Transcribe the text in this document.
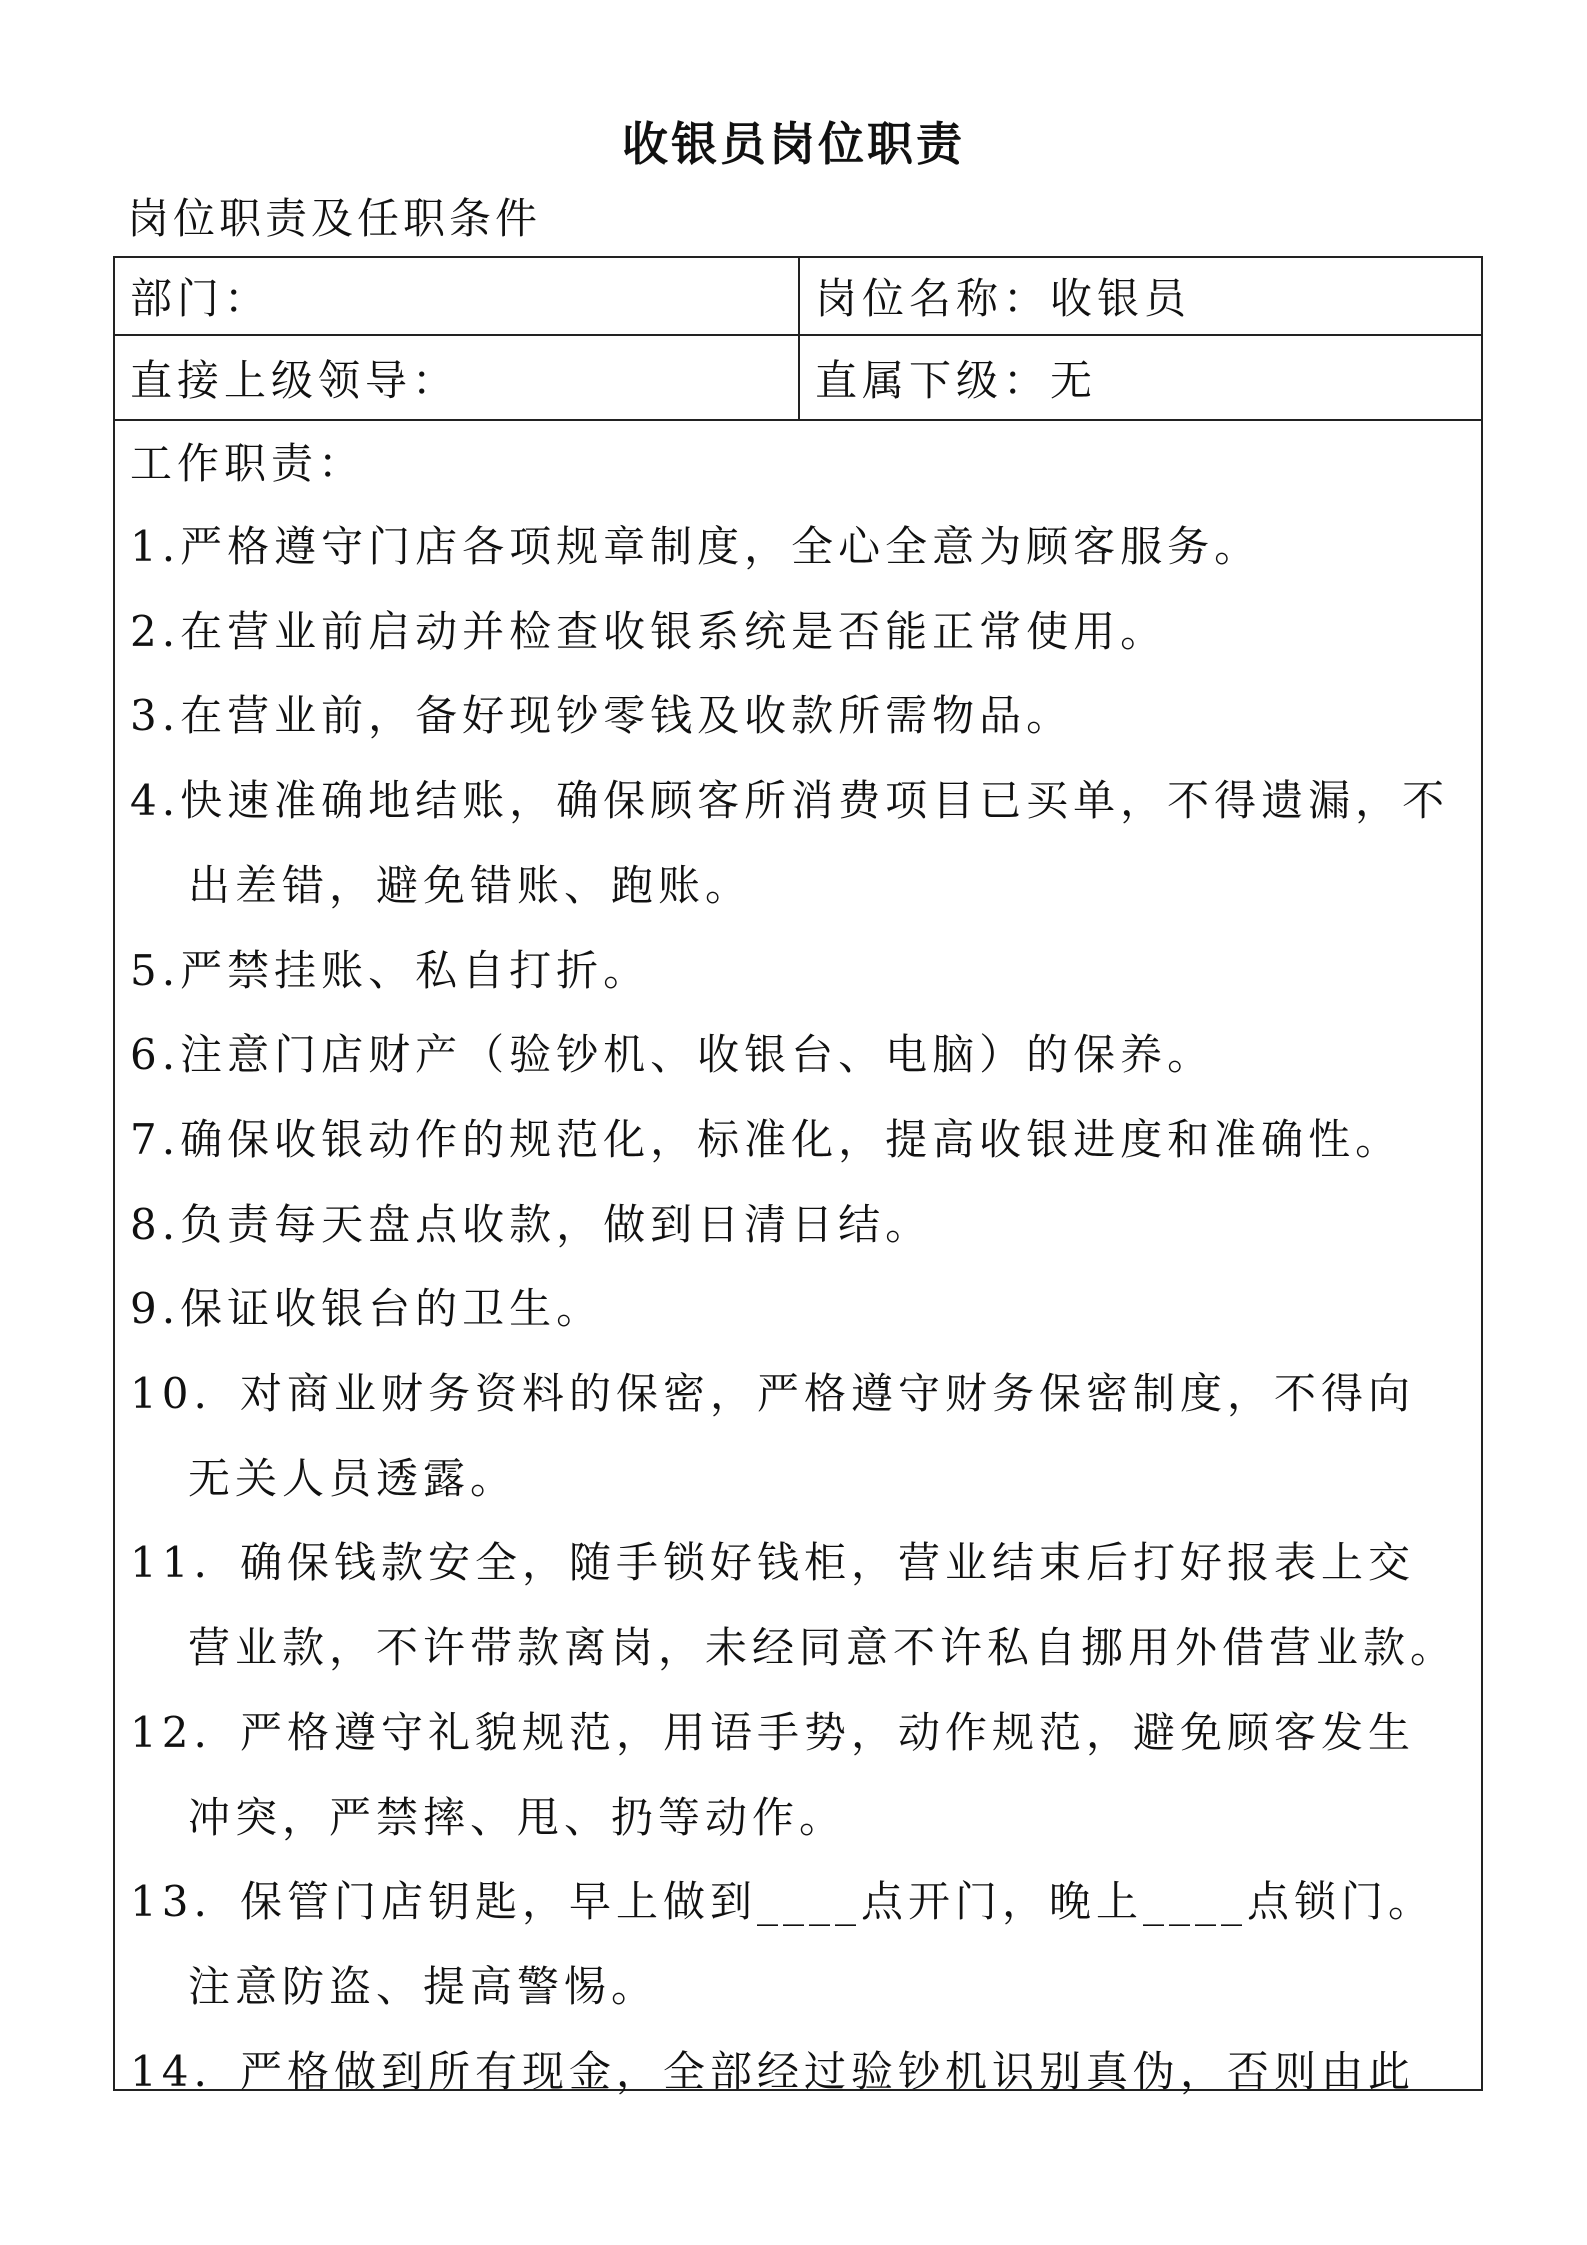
收银员岗位职责
岗位职责及任职条件
部门：	岗位名称：收银员
直接上级领导：	直属下级：无
工作职责：
1.严格遵守门店各项规章制度，全心全意为顾客服务。
2.在营业前启动并检查收银系统是否能正常使用。
3.在营业前，备好现钞零钱及收款所需物品。
4.快速准确地结账，确保顾客所消费项目已买单，不得遗漏，不
出差错，避免错账、跑账。
5.严禁挂账、私自打折。
6.注意门店财产（验钞机、收银台、电脑）的保养。
7.确保收银动作的规范化，标准化，提高收银进度和准确性。
8.负责每天盘点收款，做到日清日结。
9.保证收银台的卫生。
10. 对商业财务资料的保密，严格遵守财务保密制度，不得向
无关人员透露。
11. 确保钱款安全，随手锁好钱柜，营业结束后打好报表上交
营业款，不许带款离岗，未经同意不许私自挪用外借营业款。
12. 严格遵守礼貌规范，用语手势，动作规范，避免顾客发生
冲突，严禁摔、甩、扔等动作。
13. 保管门店钥匙，早上做到____点开门，晚上____点锁门。
注意防盗、提高警惕。
14. 严格做到所有现金，全部经过验钞机识别真伪，否则由此
